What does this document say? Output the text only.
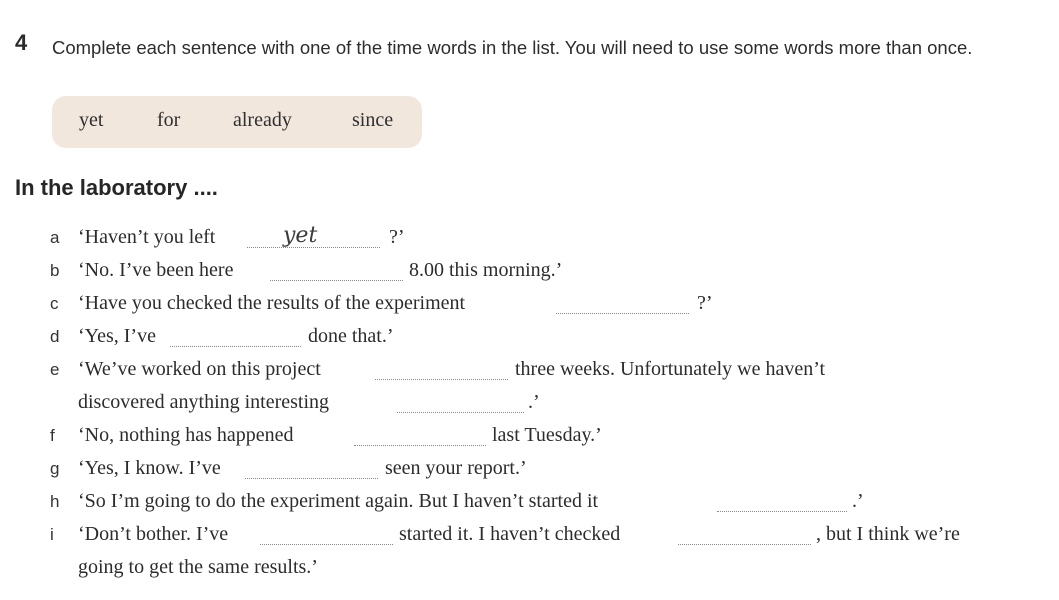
4 Complete each sentence with one of the time words in the list. You will need to use some words more than once.
yet	for	already	since
In the laboratory ....
a ‘Haven’t you left	yet	?’
b ‘No. I’ve been here	8.00 this morning.’
c ‘Have you checked the results of the experiment	?’
d ‘Yes, I’ve	done that.’
e ‘We’ve worked on this project	three weeks. Unfortunately we haven’t
discovered anything interesting	.’
f ‘No, nothing has happened	last Tuesday.’
g ‘Yes, I know. I’ve	seen your report.’
h ‘So I’m going to do the experiment again. But I haven’t started it	.’
i ‘Don’t bother. I’ve	started it. I haven’t checked	, but I think we’re
going to get the same results.’
